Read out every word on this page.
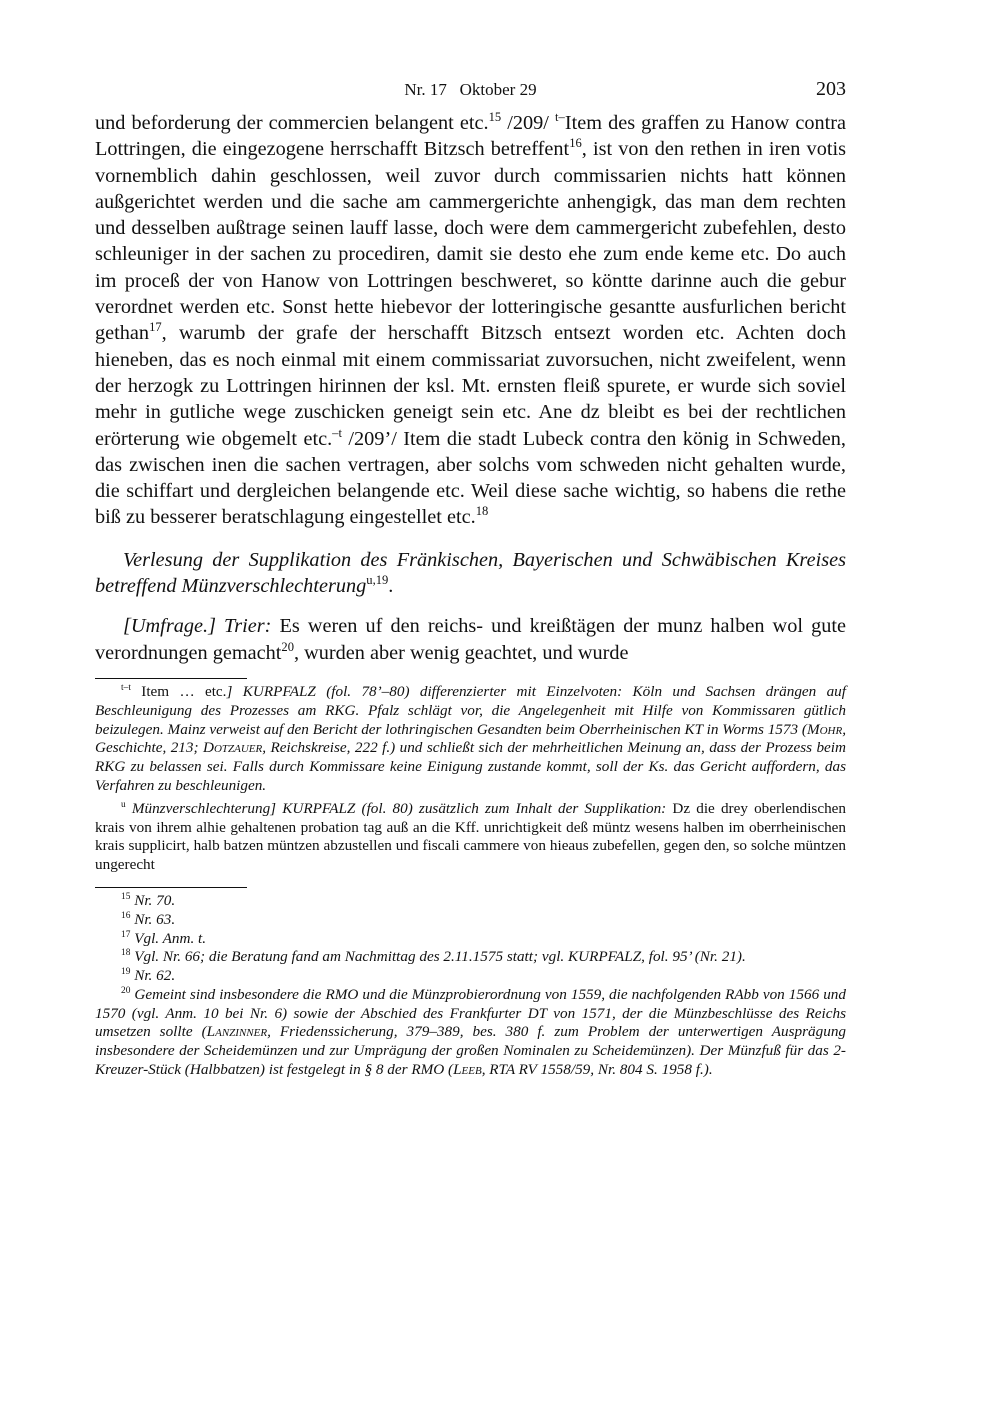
Nr. 17   Oktober 29	203

und beforderung der commercien belangent etc.$^{15}$ /209/ $^{t-}$Item des graffen zu Hanow contra Lottringen, die eingezogene herrschafft Bitzsch betreffent$^{16}$, ist von den rethen in iren votis vornemblich dahin geschlossen, weil zuvor durch commissarien nichts hatt können außgerichtet werden und die sache am cammergerichte anhengigk, das man dem rechten und desselben außtrage seinen lauff lasse, doch were dem cammergericht zubefehlen, desto schleuniger in der sachen zu procediren, damit sie desto ehe zum ende keme etc. Do auch im proceß der von Hanow von Lottringen beschweret, so köntte darinne auch die gebur verordnet werden etc. Sonst hette hiebevor der lotteringische gesantte ausfurlichen bericht gethan$^{17}$, warumb der grafe der herschafft Bitzsch entsezt worden etc. Achten doch hieneben, das es noch einmal mit einem commissariat zuvorsuchen, nicht zweifelent, wenn der herzogk zu Lottringen hirinnen der ksl. Mt. ernsten fleiß spurete, er wurde sich soviel mehr in gutliche wege zuschicken geneigt sein etc. Ane dz bleibt es bei der rechtlichen erörterung wie obgemelt etc.$^{-t}$ /209’/ Item die stadt Lubeck contra den könig in Schweden, das zwischen inen die sachen vertragen, aber solchs vom schweden nicht gehalten wurde, die schiffart und dergleichen belangende etc. Weil diese sache wichtig, so habens die rethe biß zu besserer beratschlagung eingestellet etc.$^{18}$

Verlesung der Supplikation des Fränkischen, Bayerischen und Schwäbischen Kreises betreffend Münzverschlechterung$^{u,19}$.

[Umfrage.] Trier: Es weren uf den reichs- und kreißtägen der munz halben wol gute verordnungen gemacht$^{20}$, wurden aber wenig geachtet, und wurde

$^{t-t}$ Item … etc.] KURPFALZ (fol. 78’–80) differenzierter mit Einzelvoten: Köln und Sachsen drängen auf Beschleunigung des Prozesses am RKG. Pfalz schlägt vor, die Angelegenheit mit Hilfe von Kommissaren gütlich beizulegen. Mainz verweist auf den Bericht der lothringischen Gesandten beim Oberrheinischen KT in Worms 1573 (Mohr, Geschichte, 213; Dotzauer, Reichskreise, 222 f.) und schließt sich der mehrheitlichen Meinung an, dass der Prozess beim RKG zu belassen sei. Falls durch Kommissare keine Einigung zustande kommt, soll der Ks. das Gericht auffordern, das Verfahren zu beschleunigen.

$^u$ Münzverschlechterung] KURPFALZ (fol. 80) zusätzlich zum Inhalt der Supplikation: Dz die drey oberlendischen krais von ihrem alhie gehaltenen probation tag auß an die Kff. unrichtigkeit deß müntz wesens halben im oberrheinischen krais supplicirt, halb batzen müntzen abzustellen und fiscali cammere von hieaus zubefellen, gegen den, so solche müntzen ungerecht

$^{15}$ Nr. 70.

$^{16}$ Nr. 63.

$^{17}$ Vgl. Anm. t.

$^{18}$ Vgl. Nr. 66; die Beratung fand am Nachmittag des 2.11.1575 statt; vgl. KURPFALZ, fol. 95’ (Nr. 21).

$^{19}$ Nr. 62.

$^{20}$ Gemeint sind insbesondere die RMO und die Münzprobierordnung von 1559, die nachfolgenden RAbb von 1566 und 1570 (vgl. Anm. 10 bei Nr. 6) sowie der Abschied des Frankfurter DT von 1571, der die Münzbeschlüsse des Reichs umsetzen sollte (Lanzinner, Friedenssicherung, 379–389, bes. 380 f. zum Problem der unterwertigen Ausprägung insbesondere der Scheidemünzen und zur Umprägung der großen Nominalen zu Scheidemünzen). Der Münzfuß für das 2-Kreuzer-Stück (Halbbatzen) ist festgelegt in § 8 der RMO (Leeb, RTA RV 1558/59, Nr. 804 S. 1958 f.).
